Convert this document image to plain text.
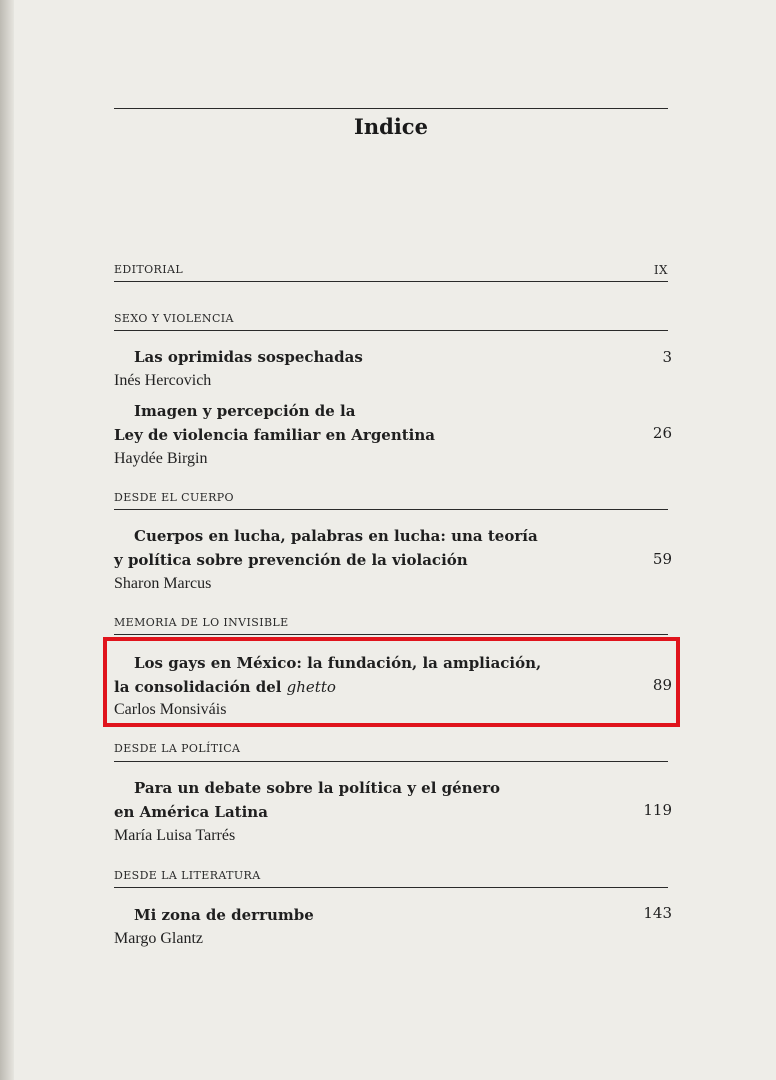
Indice
EDITORIAL	IX
SEXO Y VIOLENCIA
Las oprimidas sospechadas	3
Inés Hercovich
Imagen y percepción de la
Ley de violencia familiar en Argentina	26
Haydée Birgin
DESDE EL CUERPO
Cuerpos en lucha, palabras en lucha: una teoría
y política sobre prevención de la violación	59
Sharon Marcus
MEMORIA DE LO INVISIBLE
Los gays en México: la fundación, la ampliación,
la consolidación del ghetto	89
Carlos Monsiváis
DESDE LA POLÍTICA
Para un debate sobre la política y el género
en América Latina	119
María Luisa Tarrés
DESDE LA LITERATURA
Mi zona de derrumbe	143
Margo Glantz
